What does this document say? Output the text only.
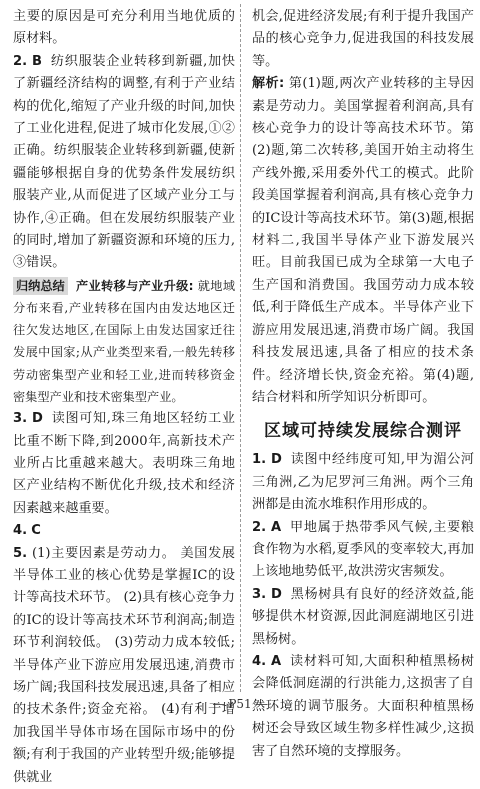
主要的原因是可充分利用当地优质的原材料。

2. B 纺织服装企业转移到新疆,加快了新疆经济结构的调整,有利于产业结构的优化,缩短了产业升级的时间,加快了工业化进程,促进了城市化发展,①②正确。纺织服装企业转移到新疆,使新疆能够根据自身的优势条件发展纺织服装产业,从而促进了区域产业分工与协作,④正确。但在发展纺织服装产业的同时,增加了新疆资源和环境的压力,③错误。

归纳总结 产业转移与产业升级: 就地域分布来看,产业转移在国内由发达地区迁往欠发达地区,在国际上由发达国家迁往发展中国家;从产业类型来看,一般先转移劳动密集型产业和轻工业,进而转移资金密集型产业和技术密集型产业。

3. D 读图可知,珠三角地区轻纺工业比重不断下降,到2000年,高新技术产业所占比重越来越大。表明珠三角地区产业结构不断优化升级,技术和经济因素越来越重要。

4. C

5. (1)主要因素是劳动力。 美国发展半导体工业的核心优势是掌握IC的设计等高技术环节。 (2)具有核心竞争力的IC的设计等高技术环节利润高;制造环节利润较低。 (3)劳动力成本较低;半导体产业下游应用发展迅速,消费市场广阔;我国科技发展迅速,具备了相应的技术条件;资金充裕。 (4)有利于增加我国半导体市场在国际市场中的份额;有利于我国的产业转型升级;能够提供就业

机会,促进经济发展;有利于提升我国产品的核心竞争力,促进我国的科技发展等。

解析: 第(1)题,两次产业转移的主导因素是劳动力。美国掌握着利润高,具有核心竞争力的设计等高技术环节。第(2)题,第二次转移,美国开始主动将生产线外搬,采用委外代工的模式。此阶段美国掌握着利润高,具有核心竞争力的IC设计等高技术环节。第(3)题,根据材料二,我国半导体产业下游发展兴旺。目前我国已成为全球第一大电子生产国和消费国。我国劳动力成本较低,利于降低生产成本。半导体产业下游应用发展迅速,消费市场广阔。我国科技发展迅速,具备了相应的技术条件。经济增长快,资金充裕。第(4)题,结合材料和所学知识分析即可。

区域可持续发展综合测评

1. D 读图中经纬度可知,甲为湄公河三角洲,乙为尼罗河三角洲。两个三角洲都是由流水堆积作用形成的。

2. A 甲地属于热带季风气候,主要粮食作物为水稻,夏季风的变率较大,再加上该地地势低平,故洪涝灾害频发。

3. D 黑杨树具有良好的经济效益,能够提供木材资源,因此洞庭湖地区引进黑杨树。

4. A 读材料可知,大面积种植黑杨树会降低洞庭湖的行洪能力,这损害了自然环境的调节服务。大面积种植黑杨树还会导致区域生物多样性减少,这损害了自然环境的支撑服务。

— P51 —
